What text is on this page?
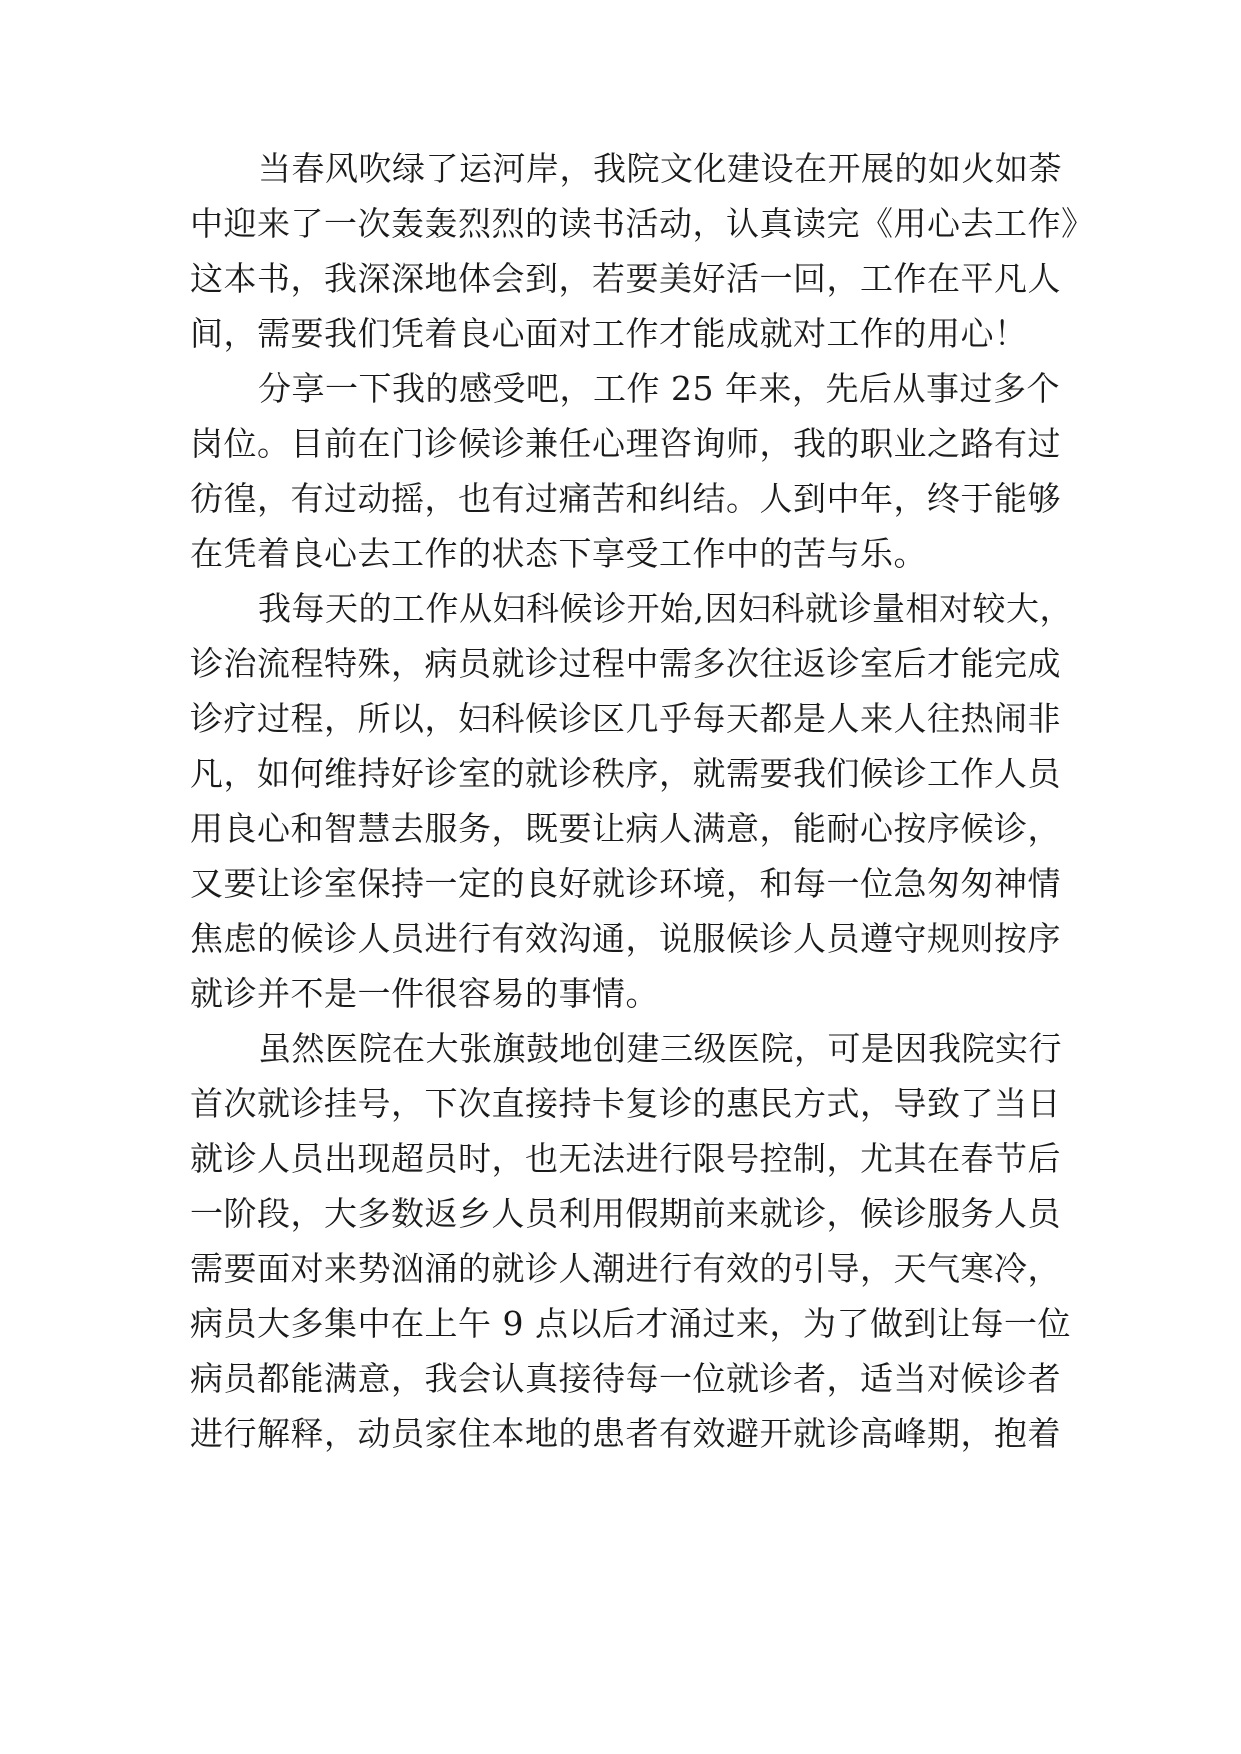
当春风吹绿了运河岸，我院文化建设在开展的如火如荼
中迎来了一次轰轰烈烈的读书活动，认真读完《用心去工作》
这本书，我深深地体会到，若要美好活一回，工作在平凡人
间，需要我们凭着良心面对工作才能成就对工作的用心！
分享一下我的感受吧，工作 25 年来，先后从事过多个
岗位。目前在门诊候诊兼任心理咨询师，我的职业之路有过
彷徨，有过动摇，也有过痛苦和纠结。人到中年，终于能够
在凭着良心去工作的状态下享受工作中的苦与乐。
我每天的工作从妇科候诊开始,因妇科就诊量相对较大，
诊治流程特殊，病员就诊过程中需多次往返诊室后才能完成
诊疗过程，所以，妇科候诊区几乎每天都是人来人往热闹非
凡，如何维持好诊室的就诊秩序，就需要我们候诊工作人员
用良心和智慧去服务，既要让病人满意，能耐心按序候诊，
又要让诊室保持一定的良好就诊环境，和每一位急匆匆神情
焦虑的候诊人员进行有效沟通，说服候诊人员遵守规则按序
就诊并不是一件很容易的事情。
虽然医院在大张旗鼓地创建三级医院，可是因我院实行
首次就诊挂号，下次直接持卡复诊的惠民方式，导致了当日
就诊人员出现超员时，也无法进行限号控制，尤其在春节后
一阶段，大多数返乡人员利用假期前来就诊，候诊服务人员
需要面对来势汹涌的就诊人潮进行有效的引导，天气寒冷，
病员大多集中在上午 9 点以后才涌过来，为了做到让每一位
病员都能满意，我会认真接待每一位就诊者，适当对候诊者
进行解释，动员家住本地的患者有效避开就诊高峰期，抱着
